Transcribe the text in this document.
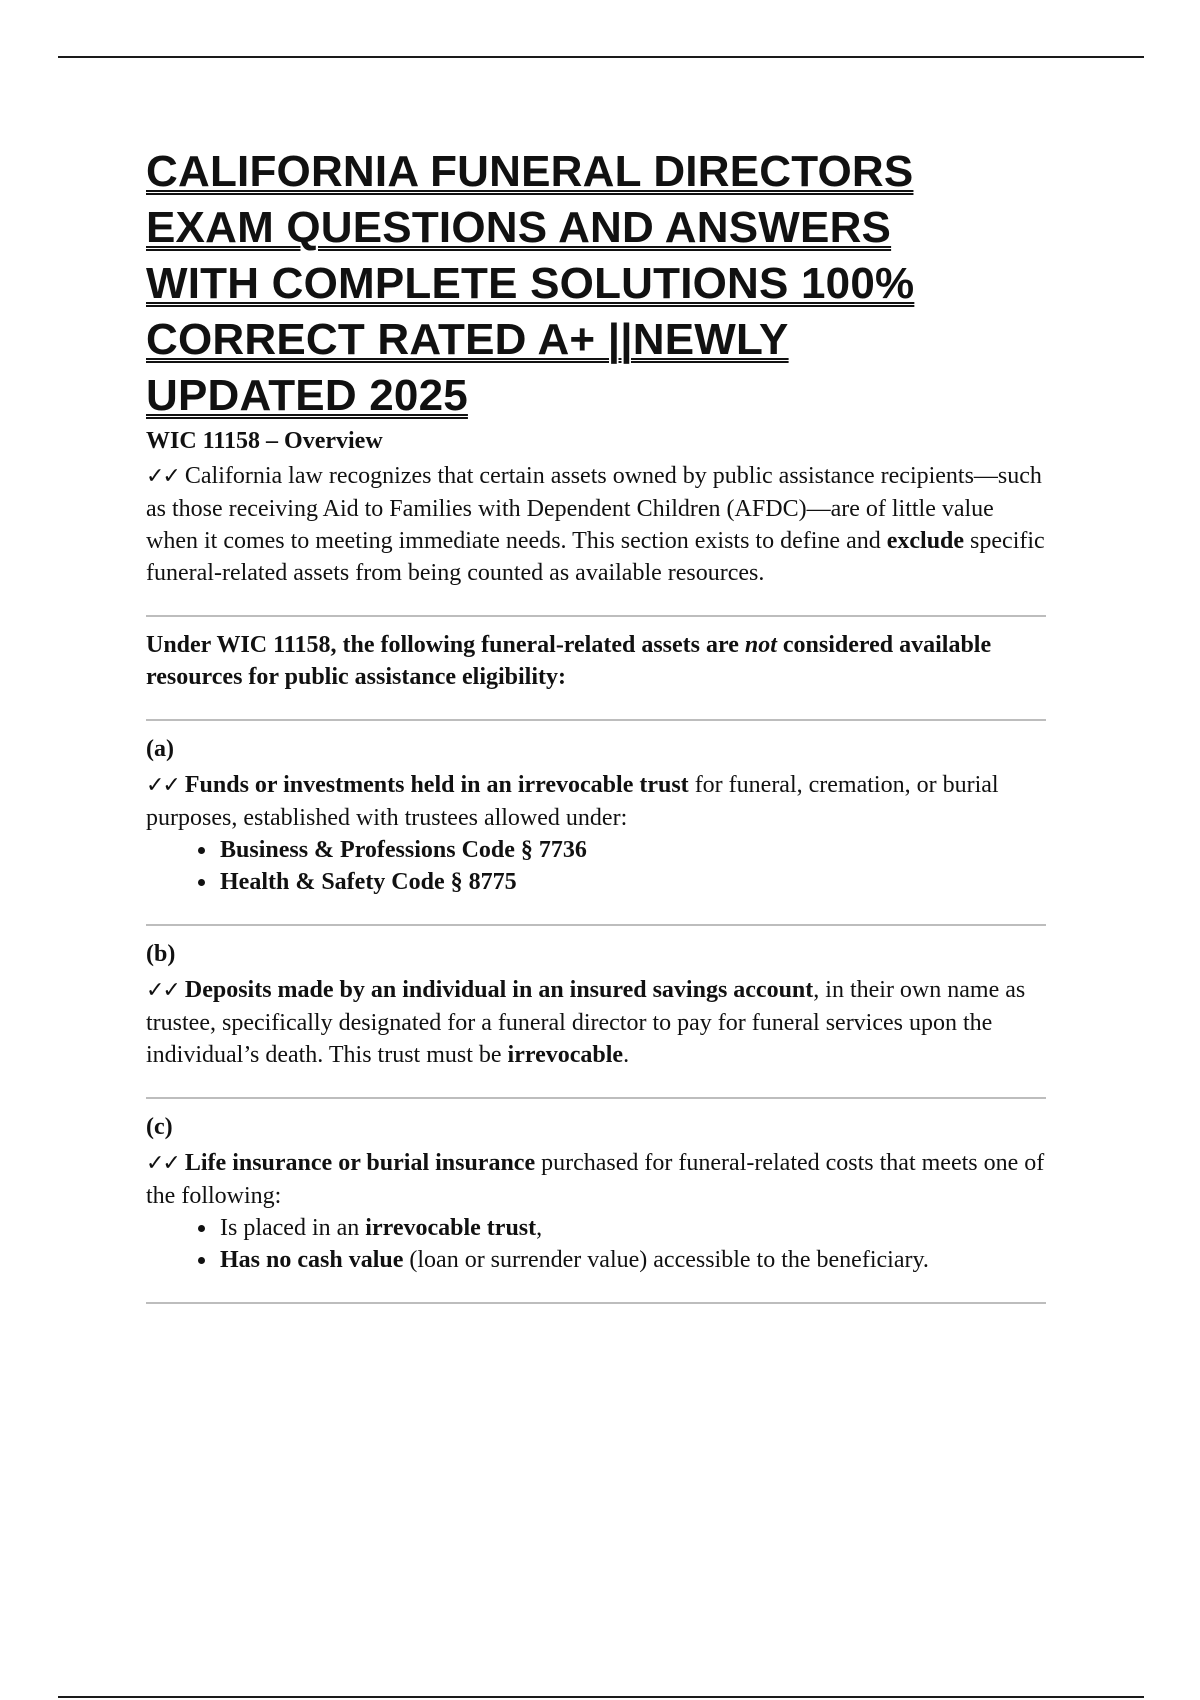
CALIFORNIA FUNERAL DIRECTORS
EXAM QUESTIONS AND ANSWERS
WITH COMPLETE SOLUTIONS 100%
CORRECT RATED A+ ||NEWLY
UPDATED 2025
WIC 11158 – Overview

✓✓ California law recognizes that certain assets owned by public assistance recipients—such as those receiving Aid to Families with Dependent Children (AFDC)—are of little value when it comes to meeting immediate needs. This section exists to define and exclude specific funeral-related assets from being counted as available resources.

Under WIC 11158, the following funeral-related assets are not considered available resources for public assistance eligibility:

(a)

✓✓ Funds or investments held in an irrevocable trust for funeral, cremation, or burial purposes, established with trustees allowed under:

• Business & Professions Code § 7736
• Health & Safety Code § 8775
(b)

✓✓ Deposits made by an individual in an insured savings account, in their own name as trustee, specifically designated for a funeral director to pay for funeral services upon the individual’s death. This trust must be irrevocable.

(c)

✓✓ Life insurance or burial insurance purchased for funeral-related costs that meets one of the following:

• Is placed in an irrevocable trust,
• Has no cash value (loan or surrender value) accessible to the beneficiary.
